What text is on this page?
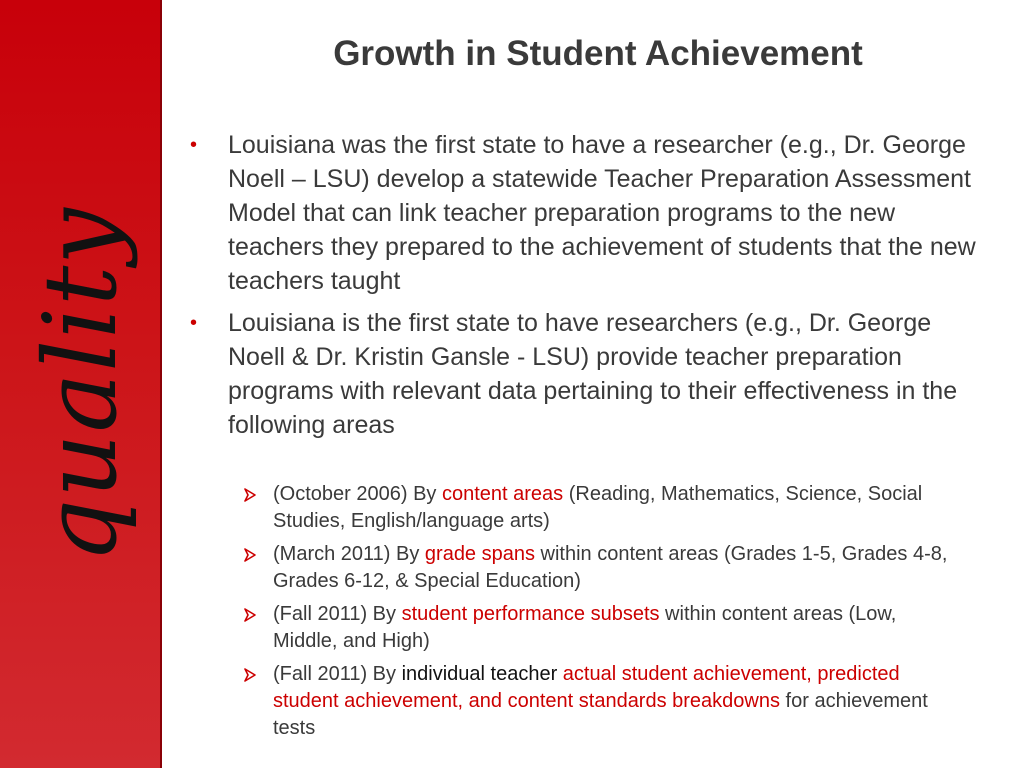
quality
Growth in Student Achievement
• Louisiana was the first state to have a researcher (e.g., Dr. George Noell – LSU) develop a statewide Teacher Preparation Assessment Model that can link teacher preparation programs to the new teachers they prepared to the achievement of students that the new teachers taught
• Louisiana is the first state to have researchers (e.g., Dr. George Noell & Dr. Kristin Gansle - LSU) provide teacher preparation programs with relevant data pertaining to their effectiveness in the following areas
(October 2006) By content areas (Reading, Mathematics, Science, Social Studies, English/language arts)
(March 2011) By grade spans within content areas (Grades 1-5, Grades 4-8, Grades 6-12, & Special Education)
(Fall 2011) By student performance subsets within content areas (Low, Middle, and High)
(Fall 2011) By individual teacher actual student achievement, predicted student achievement, and content standards breakdowns for achievement tests
